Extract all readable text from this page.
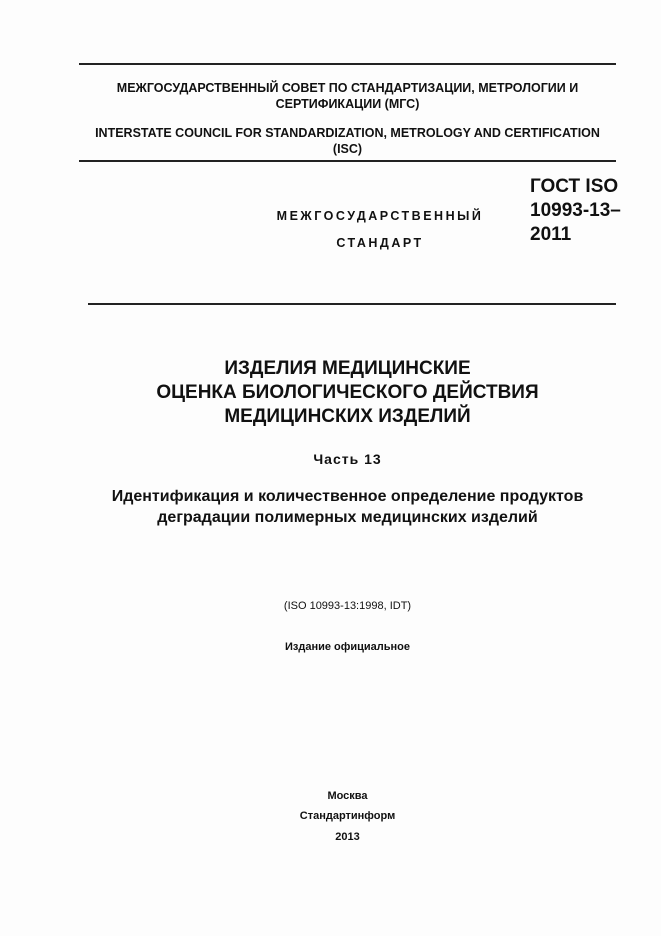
МЕЖГОСУДАРСТВЕННЫЙ СОВЕТ ПО СТАНДАРТИЗАЦИИ, МЕТРОЛОГИИ И СЕРТИФИКАЦИИ (МГС)
INTERSTATE COUNCIL FOR STANDARDIZATION, METROLOGY AND CERTIFICATION (ISC)
МЕЖГОСУДАРСТВЕННЫЙ
СТАНДАРТ
ГОСТ ISO
10993-13–
2011
ИЗДЕЛИЯ МЕДИЦИНСКИЕ
ОЦЕНКА БИОЛОГИЧЕСКОГО ДЕЙСТВИЯ
МЕДИЦИНСКИХ ИЗДЕЛИЙ
Часть 13
Идентификация и количественное определение продуктов
деградации полимерных медицинских изделий
(ISO 10993-13:1998, IDT)
Издание официальное
Москва
Стандартинформ
2013
